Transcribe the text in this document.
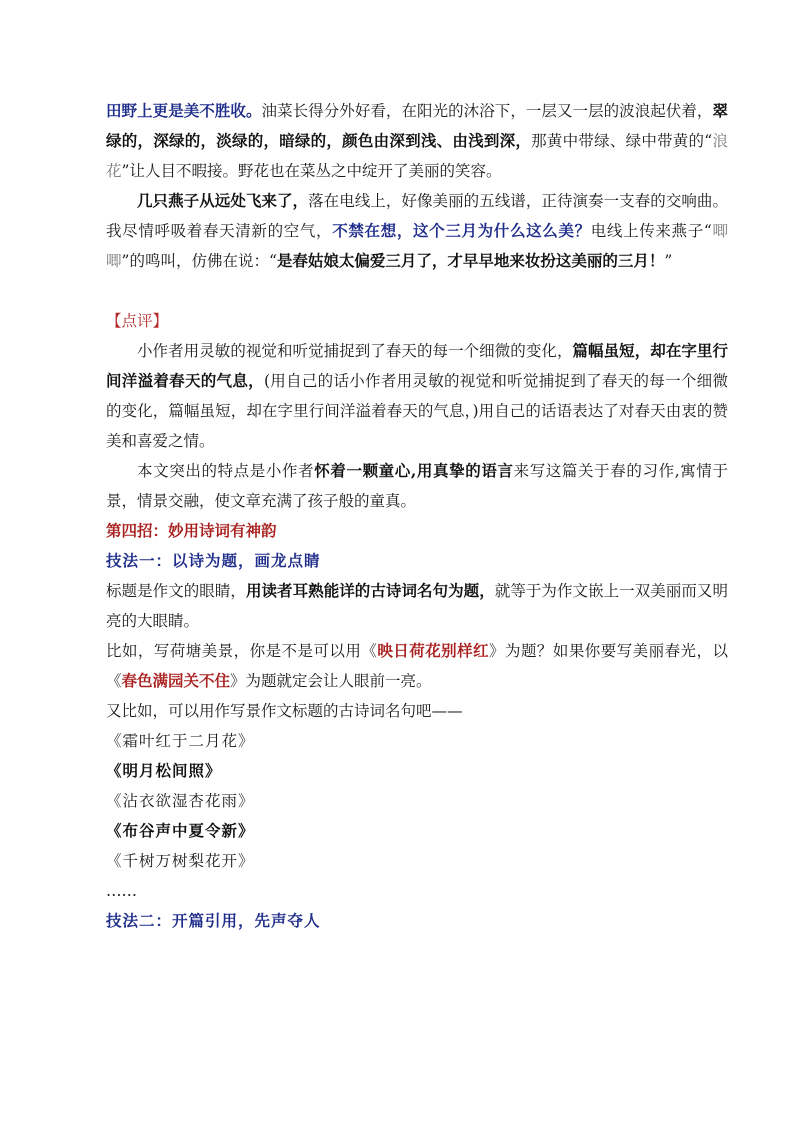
田野上更是美不胜收。油菜长得分外好看，在阳光的沐浴下，一层又一层的波浪起伏着，翠绿的，深绿的，淡绿的，暗绿的，颜色由深到浅、由浅到深，那黄中带绿、绿中带黄的“浪花”让人目不暇接。野花也在菜丛之中绽开了美丽的笑容。

几只燕子从远处飞来了，落在电线上，好像美丽的五线谱，正待演奏一支春的交响曲。我尽情呼吸着春天清新的空气，不禁在想，这个三月为什么这么美？电线上传来燕子“唧唧”的鸣叫，仿佛在说：“是春姑娘太偏爱三月了，才早早地来妆扮这美丽的三月！”

【点评】

小作者用灵敏的视觉和听觉捕捉到了春天的每一个细微的变化，篇幅虽短，却在字里行间洋溢着春天的气息，(用自己的话小作者用灵敏的视觉和听觉捕捉到了春天的每一个细微的变化，篇幅虽短，却在字里行间洋溢着春天的气息，)用自己的话语表达了对春天由衷的赞美和喜爱之情。

本文突出的特点是小作者怀着一颗童心,用真挚的语言来写这篇关于春的习作,寓情于景，情景交融，使文章充满了孩子般的童真。

第四招：妙用诗词有神韵

技法一：以诗为题，画龙点睛

标题是作文的眼睛，用读者耳熟能详的古诗词名句为题，就等于为作文嵌上一双美丽而又明亮的大眼睛。

比如，写荷塘美景，你是不是可以用《映日荷花别样红》为题？如果你要写美丽春光，以《春色满园关不住》为题就定会让人眼前一亮。

又比如，可以用作写景作文标题的古诗词名句吧——

《霜叶红于二月花》

《明月松间照》

《沾衣欲湿杏花雨》

《布谷声中夏令新》

《千树万树梨花开》

……

技法二：开篇引用，先声夺人
